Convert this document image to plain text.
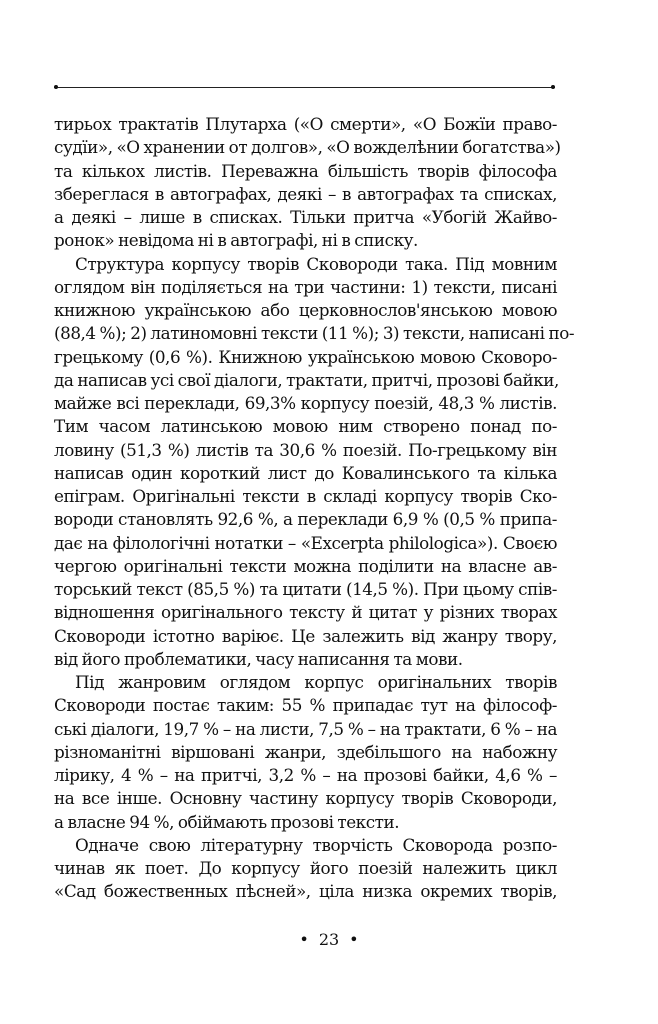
тирьох трактатів Плутарха («О смерти», «О Божїи право-
судїи», «О хранении от долгов», «О вожделѣнии богатства»)
та кількох листів. Переважна більшість творів філософа
збереглася в автографах, деякі – в автографах та списках,
а деякі – лише в списках. Тільки притча «Убогій Жайво-
ронок» невідома ні в автографі, ні в списку.
Структура корпусу творів Сковороди така. Під мовним
оглядом він поділяється на три частини: 1) тексти, писані
книжною українською або церковнослов'янською мовою
(88,4 %); 2) латиномовні тексти (11 %); 3) тексти, написані по-
грецькому (0,6 %). Книжною українською мовою Сковоро-
да написав усі свої діалоги, трактати, притчі, прозові байки,
майже всі переклади, 69,3% корпусу поезій, 48,3 % листів.
Тим часом латинською мовою ним створено понад по-
ловину (51,3 %) листів та 30,6 % поезій. По-грецькому він
написав один короткий лист до Ковалинського та кілька
епіграм. Оригінальні тексти в складі корпусу творів Ско-
вороди становлять 92,6 %, а переклади 6,9 % (0,5 % припа-
дає на філологічні нотатки – «Excerpta philologica»). Своєю
чергою оригінальні тексти можна поділити на власне ав-
торський текст (85,5 %) та цитати (14,5 %). При цьому спів-
відношення оригінального тексту й цитат у різних творах
Сковороди істотно варіює. Це залежить від жанру твору,
від його проблематики, часу написання та мови.
Під жанровим оглядом корпус оригінальних творів
Сковороди постає таким: 55 % припадає тут на філософ-
ські діалоги, 19,7 % – на листи, 7,5 % – на трактати, 6 % – на
різноманітні віршовані жанри, здебільшого на набожну
лірику, 4 % – на притчі, 3,2 % – на прозові байки, 4,6 % –
на все інше. Основну частину корпусу творів Сковороди,
а власне 94 %, обіймають прозові тексти.
Одначе свою літературну творчість Сковорода розпо-
чинав як поет. До корпусу його поезій належить цикл
«Сад божественных пѣсней», ціла низка окремих творів,
• 23 •
